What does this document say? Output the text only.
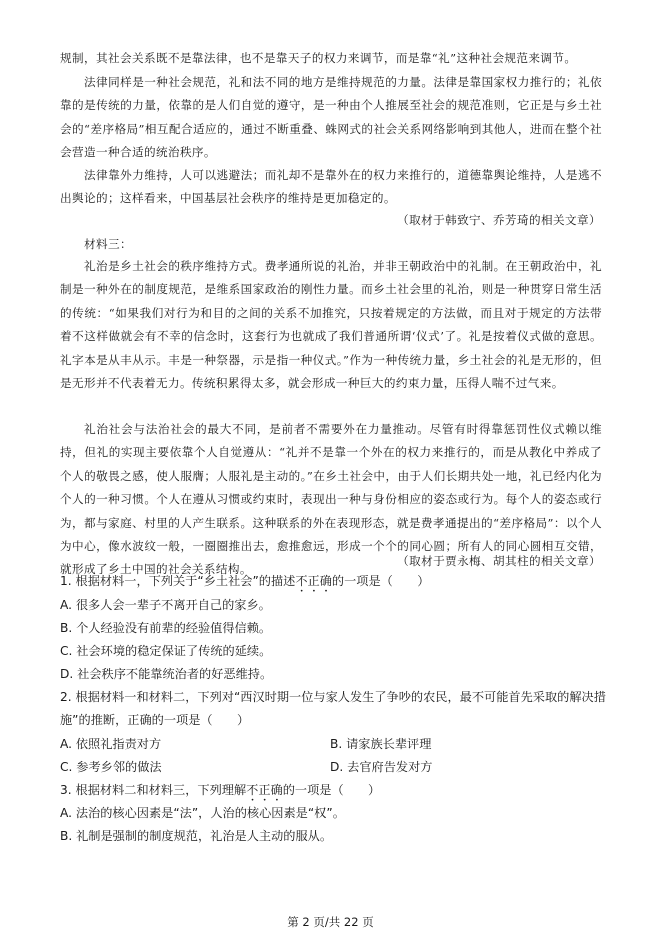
规制，其社会关系既不是靠法律，也不是靠天子的权力来调节，而是靠“礼”这种社会规范来调节。
法律同样是一种社会规范，礼和法不同的地方是维持规范的力量。法律是靠国家权力推行的；礼依靠的是传统的力量，依靠的是人们自觉的遵守，是一种由个人推展至社会的规范准则，它正是与乡土社会的“差序格局”相互配合适应的，通过不断重叠、蛛网式的社会关系网络影响到其他人，进而在整个社会营造一种合适的统治秩序。
法律靠外力维持，人可以逃避法；而礼却不是靠外在的权力来推行的，道德靠舆论维持，人是逃不出舆论的；这样看来，中国基层社会秩序的维持是更加稳定的。
（取材于韩致宁、乔芳琦的相关文章）
材料三：
礼治是乡土社会的秩序维持方式。费孝通所说的礼治，并非王朝政治中的礼制。在王朝政治中，礼制是一种外在的制度规范，是维系国家政治的刚性力量。而乡土社会里的礼治，则是一种贯穿日常生活的传统：“如果我们对行为和目的之间的关系不加推究，只按着规定的方法做，而且对于规定的方法带着不这样做就会有不幸的信念时，这套行为也就成了我们普通所谓‘仪式’了。礼是按着仪式做的意思。礼字本是从丰从示。丰是一种祭器，示是指一种仪式。”作为一种传统力量，乡土社会的礼是无形的，但是无形并不代表着无力。传统积累得太多，就会形成一种巨大的约束力量，压得人喘不过气来。
礼治社会与法治社会的最大不同，是前者不需要外在力量推动。尽管有时得靠惩罚性仪式赖以维持，但礼的实现主要依靠个人自觉遵从：“礼并不是靠一个外在的权力来推行的，而是从教化中养成了个人的敬畏之感，使人服膺；人服礼是主动的。”在乡土社会中，由于人们长期共处一地，礼已经内化为个人的一种习惯。个人在遵从习惯或约束时，表现出一种与身份相应的姿态或行为。每个人的姿态或行为，都与家庭、村里的人产生联系。这种联系的外在表现形态，就是费孝通提出的“差序格局”：以个人为中心，像水波纹一般，一圈圈推出去，愈推愈远，形成一个个的同心圆；所有人的同心圆相互交错，就形成了乡土中国的社会关系结构。
（取材于贾永梅、胡其柱的相关文章）
1. 根据材料一，下列关于“乡土社会”的描述不正确的一项是（　　）
A. 很多人会一辈子不离开自己的家乡。
B. 个人经验没有前辈的经验值得信赖。
C. 社会环境的稳定保证了传统的延续。
D. 社会秩序不能靠统治者的好恶维持。
2. 根据材料一和材料二，下列对“西汉时期一位与家人发生了争吵的农民，最不可能首先采取的解决措施”的推断，正确的一项是（　　）
A. 依照礼指责对方	B. 请家族长辈评理
C. 参考乡邻的做法	D. 去官府告发对方
3. 根据材料二和材料三，下列理解不正确的一项是（　　）
A. 法治的核心因素是“法”，人治的核心因素是“权”。
B. 礼制是强制的制度规范，礼治是人主动的服从。
第 2 页/共 22 页
